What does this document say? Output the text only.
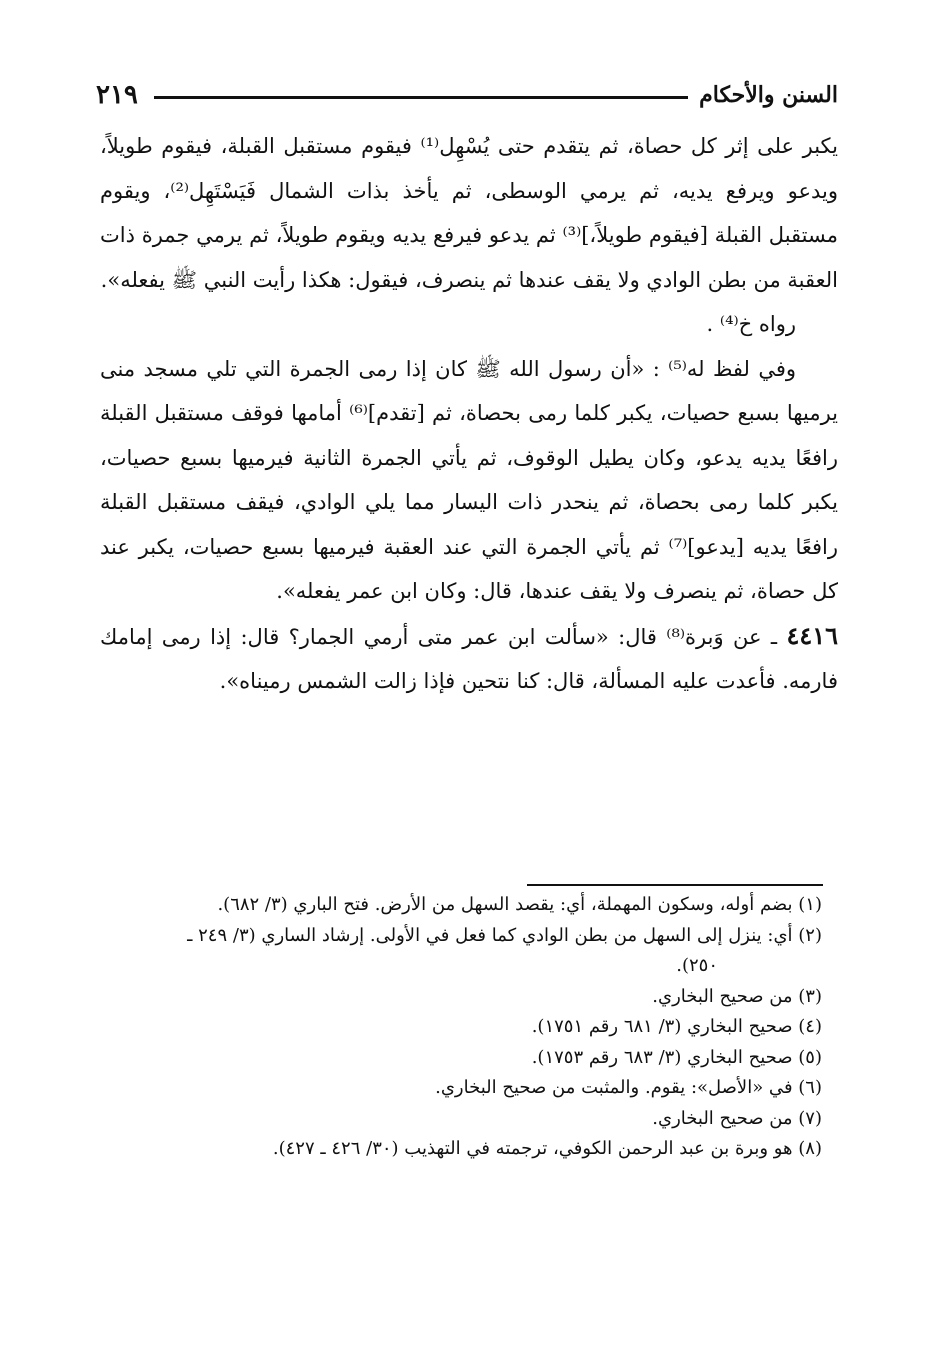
السنن والأحكام
٢١٩

يكبر على إثر كل حصاة، ثم يتقدم حتى يُسْهِل⁽¹⁾ فيقوم مستقبل القبلة، فيقوم طويلاً، ويدعو ويرفع يديه، ثم يرمي الوسطى، ثم يأخذ بذات الشمال فَيَسْتَهِل⁽²⁾، ويقوم مستقبل القبلة [فيقوم طويلاً،]⁽³⁾ ثم يدعو فيرفع يديه ويقوم طويلاً، ثم يرمي جمرة ذات العقبة من بطن الوادي ولا يقف عندها ثم ينصرف، فيقول: هكذا رأيت النبي ﷺ يفعله».

رواه خ⁽⁴⁾ .

وفي لفظ له⁽⁵⁾ : «أن رسول الله ﷺ كان إذا رمى الجمرة التي تلي مسجد منى يرميها بسبع حصيات، يكبر كلما رمى بحصاة، ثم [تقدم]⁽⁶⁾ أمامها فوقف مستقبل القبلة رافعًا يديه يدعو، وكان يطيل الوقوف، ثم يأتي الجمرة الثانية فيرميها بسبع حصيات، يكبر كلما رمى بحصاة، ثم ينحدر ذات اليسار مما يلي الوادي، فيقف مستقبل القبلة رافعًا يديه [يدعو]⁽⁷⁾ ثم يأتي الجمرة التي عند العقبة فيرميها بسبع حصيات، يكبر عند كل حصاة، ثم ينصرف ولا يقف عندها، قال: وكان ابن عمر يفعله».

٤٤١٦ ـ عن وَبرة⁽⁸⁾ قال: «سألت ابن عمر متى أرمي الجمار؟ قال: إذا رمى إمامك فارمه. فأعدت عليه المسألة، قال: كنا نتحين فإذا زالت الشمس رميناه».

(١) بضم أوله، وسكون المهملة، أي: يقصد السهل من الأرض. فتح الباري (٣/ ٦٨٢).

(٢) أي: ينزل إلى السهل من بطن الوادي كما فعل في الأولى. إرشاد الساري (٣/ ٢٤٩ ـ

٢٥٠).

(٣) من صحيح البخاري.

(٤) صحيح البخاري (٣/ ٦٨١ رقم ١٧٥١).

(٥) صحيح البخاري (٣/ ٦٨٣ رقم ١٧٥٣).

(٦) في «الأصل»: يقوم. والمثبت من صحيح البخاري.

(٧) من صحيح البخاري.

(٨) هو وبرة بن عبد الرحمن الكوفي، ترجمته في التهذيب (٣٠/ ٤٢٦ ـ ٤٢٧).
